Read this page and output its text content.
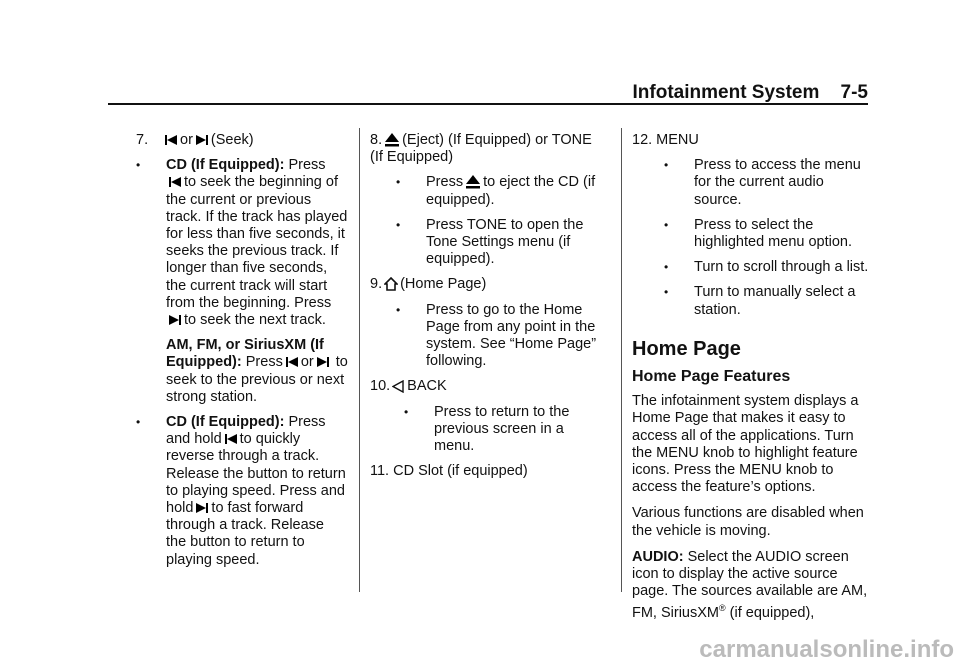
Infotainment System 7-5
7. or (Seek)
• CD (If Equipped): Press
to seek the beginning of the current or previous track. If the track has played for less than five seconds, it seeks the previous track. If longer than five seconds, the current track will start from the beginning. Pressto seek the next track.
AM, FM, or SiriusXM (If Equipped): Press or to seek to the previous or next strong station.
• CD (If Equipped): Press and hold to quickly reverse through a track. Release the button to return to playing speed. Press and hold to fast forward through a track. Release the button to return to playing speed.
8. (Eject) (If Equipped) or TONE (If Equipped)
• Press to eject the CD (if equipped).
• Press TONE to open the Tone Settings menu (if equipped).
9. (Home Page)
• Press to go to the Home Page from any point in the system. See “Home Page” following.
10. BACK
• Press to return to the previous screen in a menu.
11. CD Slot (if equipped)
12. MENU
• Press to access the menu for the current audio source.
• Press to select the highlighted menu option.
• Turn to scroll through a list.
• Turn to manually select a station.
Home Page
Home Page Features
The infotainment system displays a Home Page that makes it easy to access all of the applications. Turn the MENU knob to highlight feature icons. Press the MENU knob to access the feature’s options.
Various functions are disabled when the vehicle is moving.
AUDIO: Select the AUDIO screen icon to display the active source page. The sources available are AM, FM, SiriusXM® (if equipped),
carmanualsonline.info
